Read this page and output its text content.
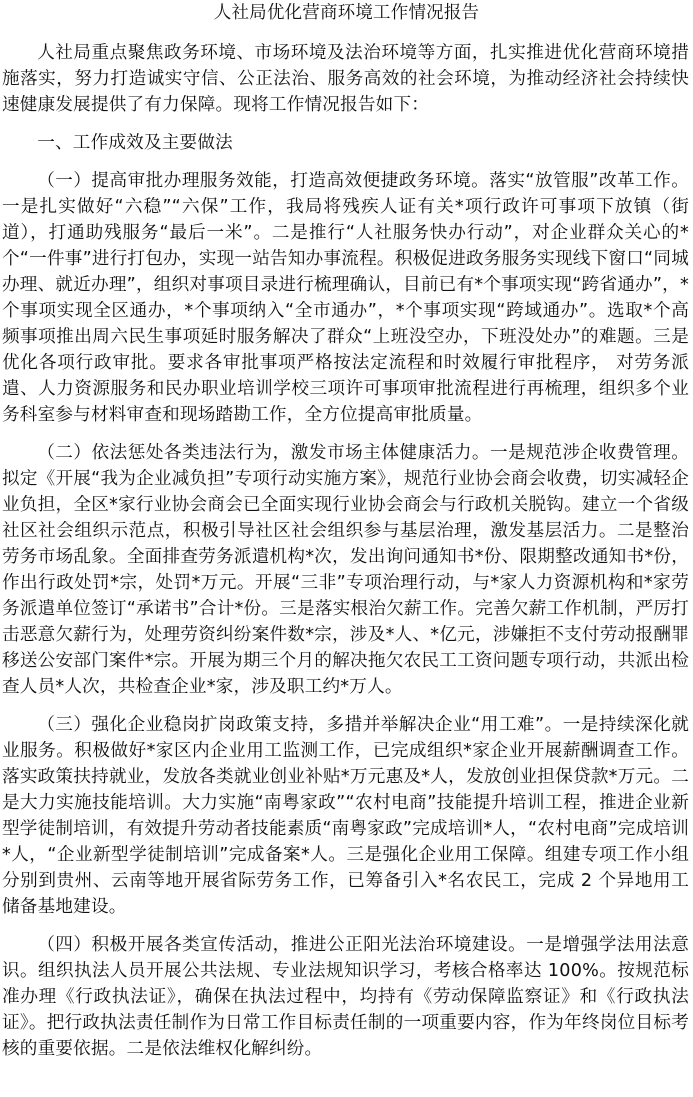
人社局优化营商环境工作情况报告

人社局重点聚焦政务环境、市场环境及法治环境等方面，扎实推进优化营商环境措施落实，努力打造诚实守信、公正法治、服务高效的社会环境，为推动经济社会持续快速健康发展提供了有力保障。现将工作情况报告如下：

一、工作成效及主要做法

（一）提高审批办理服务效能，打造高效便捷政务环境。落实“放管服”改革工作。一是扎实做好“六稳”“六保”工作，我局将残疾人证有关*项行政许可事项下放镇（街道），打通助残服务“最后一米”。二是推行“人社服务快办行动”，对企业群众关心的*个“一件事”进行打包办，实现一站告知办事流程。积极促进政务服务实现线下窗口“同城办理、就近办理”，组织对事项目录进行梳理确认，目前已有*个事项实现“跨省通办”，*个事项实现全区通办，*个事项纳入“全市通办”，*个事项实现“跨域通办”。选取*个高频事项推出周六民生事项延时服务解决了群众“上班没空办，下班没处办”的难题。三是优化各项行政审批。要求各审批事项严格按法定流程和时效履行审批程序， 对劳务派遣、人力资源服务和民办职业培训学校三项许可事项审批流程进行再梳理，组织多个业务科室参与材料审查和现场踏勘工作，全方位提高审批质量。

（二）依法惩处各类违法行为，激发市场主体健康活力。一是规范涉企收费管理。拟定《开展“我为企业减负担”专项行动实施方案》，规范行业协会商会收费，切实减轻企业负担，全区*家行业协会商会已全面实现行业协会商会与行政机关脱钩。建立一个省级社区社会组织示范点，积极引导社区社会组织参与基层治理，激发基层活力。二是整治劳务市场乱象。全面排查劳务派遣机构*次，发出询问通知书*份、限期整改通知书*份，作出行政处罚*宗，处罚*万元。开展“三非”专项治理行动，与*家人力资源机构和*家劳务派遣单位签订“承诺书”合计*份。三是落实根治欠薪工作。完善欠薪工作机制，严厉打击恶意欠薪行为，处理劳资纠纷案件数*宗，涉及*人、*亿元，涉嫌拒不支付劳动报酬罪移送公安部门案件*宗。开展为期三个月的解决拖欠农民工工资问题专项行动，共派出检查人员*人次，共检查企业*家，涉及职工约*万人。

（三）强化企业稳岗扩岗政策支持，多措并举解决企业“用工难”。一是持续深化就业服务。积极做好*家区内企业用工监测工作，已完成组织*家企业开展薪酬调查工作。落实政策扶持就业，发放各类就业创业补贴*万元惠及*人，发放创业担保贷款*万元。二是大力实施技能培训。大力实施“南粤家政”“农村电商”技能提升培训工程，推进企业新型学徒制培训，有效提升劳动者技能素质“南粤家政”完成培训*人，“农村电商”完成培训*人，“企业新型学徒制培训”完成备案*人。三是强化企业用工保障。组建专项工作小组分别到贵州、云南等地开展省际劳务工作，已筹备引入*名农民工，完成 2 个异地用工储备基地建设。

（四）积极开展各类宣传活动，推进公正阳光法治环境建设。一是增强学法用法意识。组织执法人员开展公共法规、专业法规知识学习，考核合格率达 100%。按规范标准办理《行政执法证》，确保在执法过程中，均持有《劳动保障监察证》和《行政执法证》。把行政执法责任制作为日常工作目标责任制的一项重要内容，作为年终岗位目标考核的重要依据。二是依法维权化解纠纷。
